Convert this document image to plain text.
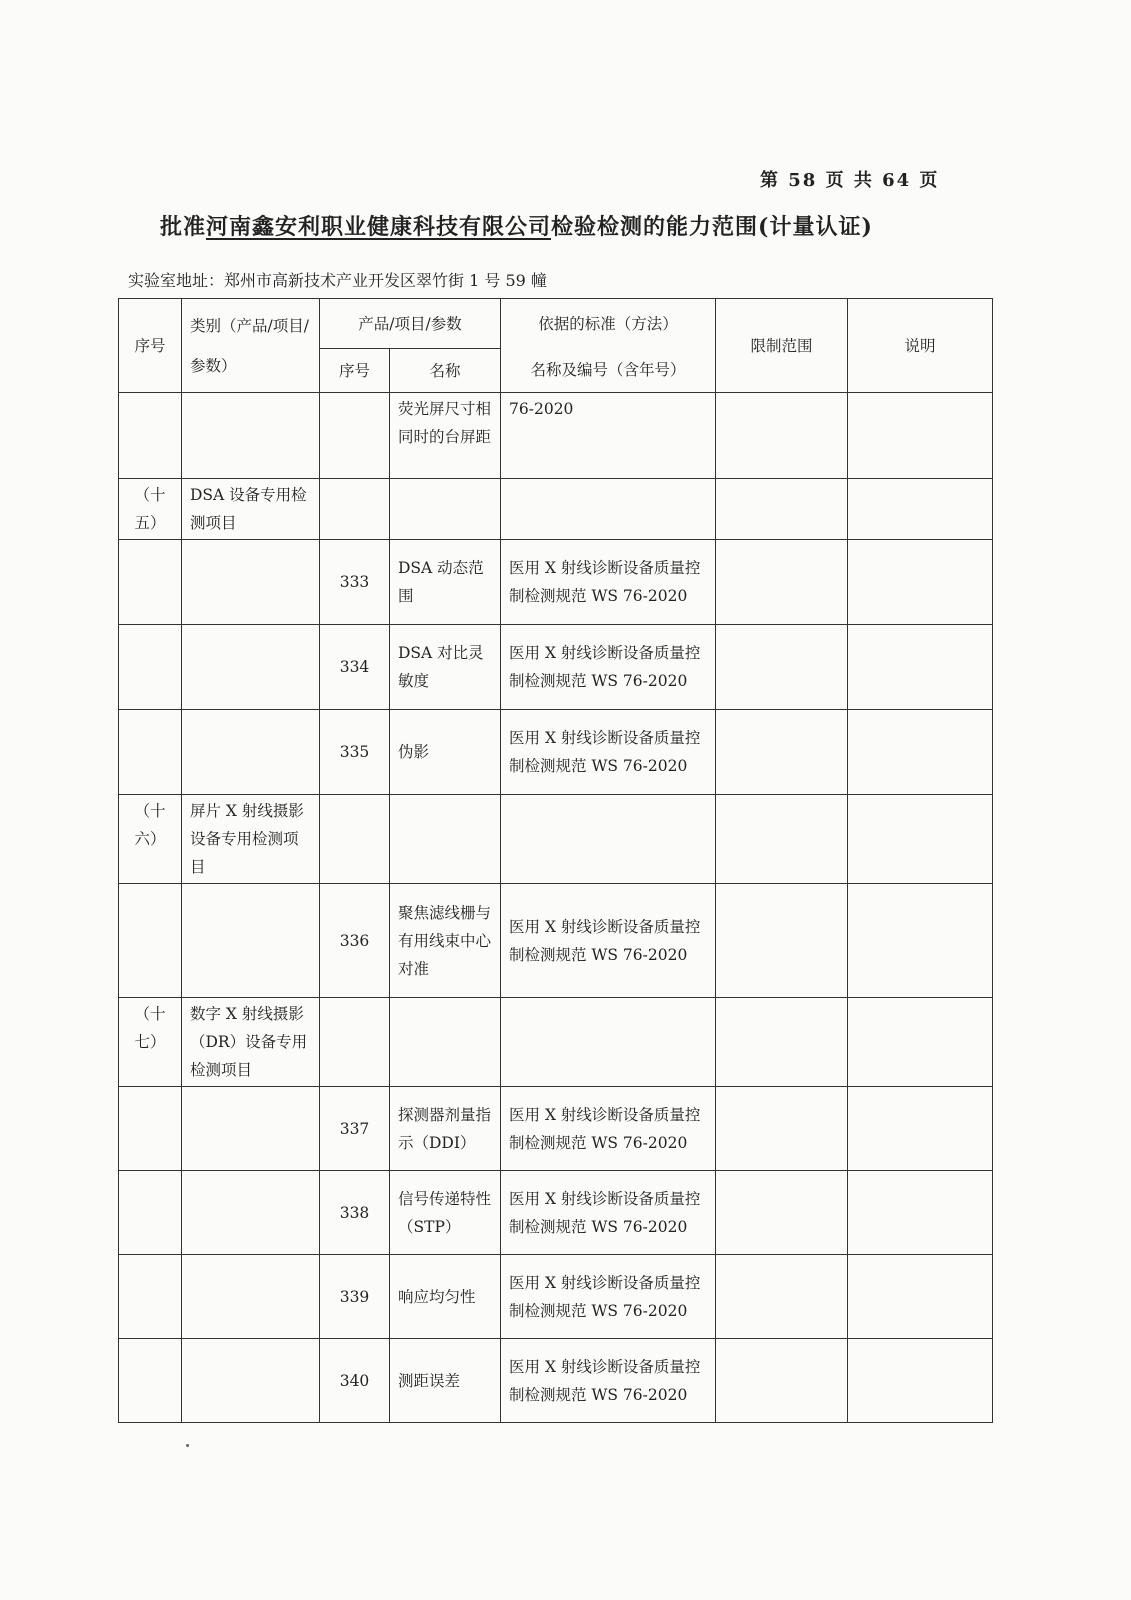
第 58 页 共 64 页
批准河南鑫安利职业健康科技有限公司检验检测的能力范围(计量认证)
实验室地址：郑州市高新技术产业开发区翠竹街 1 号 59 幢
序号	类别（产品/项目/参数）	产品/项目/参数		依据的标准（方法）	限制范围	说明
		序号	名称	名称及编号（含年号）		
			荧光屏尺寸相同时的台屏距	76-2020		
（十五）	DSA 设备专用检测项目					
		333	DSA 动态范围	医用 X 射线诊断设备质量控制检测规范 WS 76-2020		
		334	DSA 对比灵敏度	医用 X 射线诊断设备质量控制检测规范 WS 76-2020		
		335	伪影	医用 X 射线诊断设备质量控制检测规范 WS 76-2020		
（十六）	屏片 X 射线摄影设备专用检测项目					
		336	聚焦滤线栅与有用线束中心对准	医用 X 射线诊断设备质量控制检测规范 WS 76-2020		
（十七）	数字 X 射线摄影（DR）设备专用检测项目					
		337	探测器剂量指示（DDI）	医用 X 射线诊断设备质量控制检测规范 WS 76-2020		
		338	信号传递特性（STP）	医用 X 射线诊断设备质量控制检测规范 WS 76-2020		
		339	响应均匀性	医用 X 射线诊断设备质量控制检测规范 WS 76-2020		
		340	测距误差	医用 X 射线诊断设备质量控制检测规范 WS 76-2020		
